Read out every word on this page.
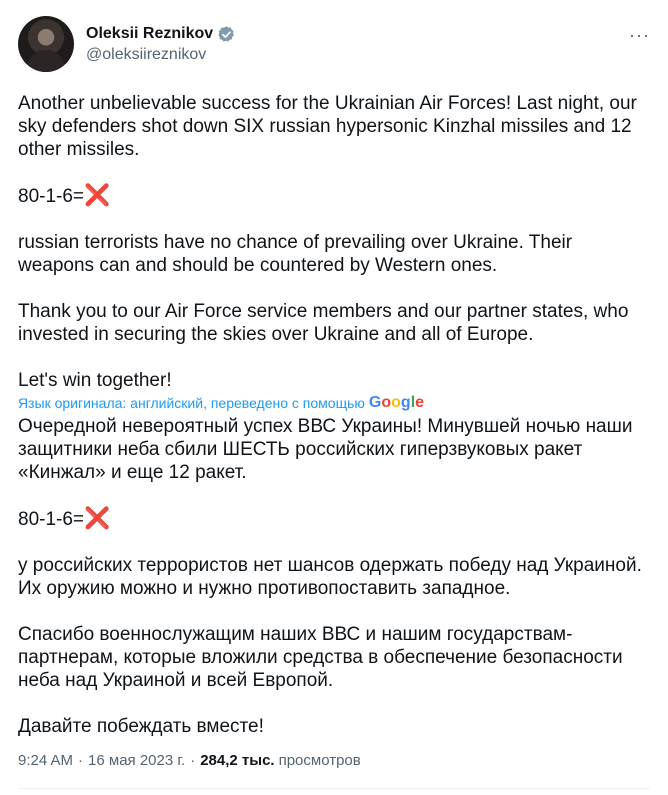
Oleksii Reznikov
@oleksiireznikov
···

Another unbelievable success for the Ukrainian Air Forces! Last night, our sky defenders shot down SIX russian hypersonic Kinzhal missiles and 12 other missiles.

80-1-6=❌

russian terrorists have no chance of prevailing over Ukraine. Their weapons can and should be countered by Western ones.

Thank you to our Air Force service members and our partner states, who invested in securing the skies over Ukraine and all of Europe.

Let's win together!

Язык оригинала: английский, переведено с помощью Google

Очередной невероятный успех ВВС Украины! Минувшей ночью наши защитники неба сбили ШЕСТЬ российских гиперзвуковых ракет «Кинжал» и еще 12 ракет.

80-1-6=❌

у российских террористов нет шансов одержать победу над Украиной. Их оружию можно и нужно противопоставить западное.

Спасибо военнослужащим наших ВВС и нашим государствам-партнерам, которые вложили средства в обеспечение безопасности неба над Украиной и всей Европой.

Давайте побеждать вместе!

9:24 AM · 16 мая 2023 г. · 284,2 тыс. просмотров
